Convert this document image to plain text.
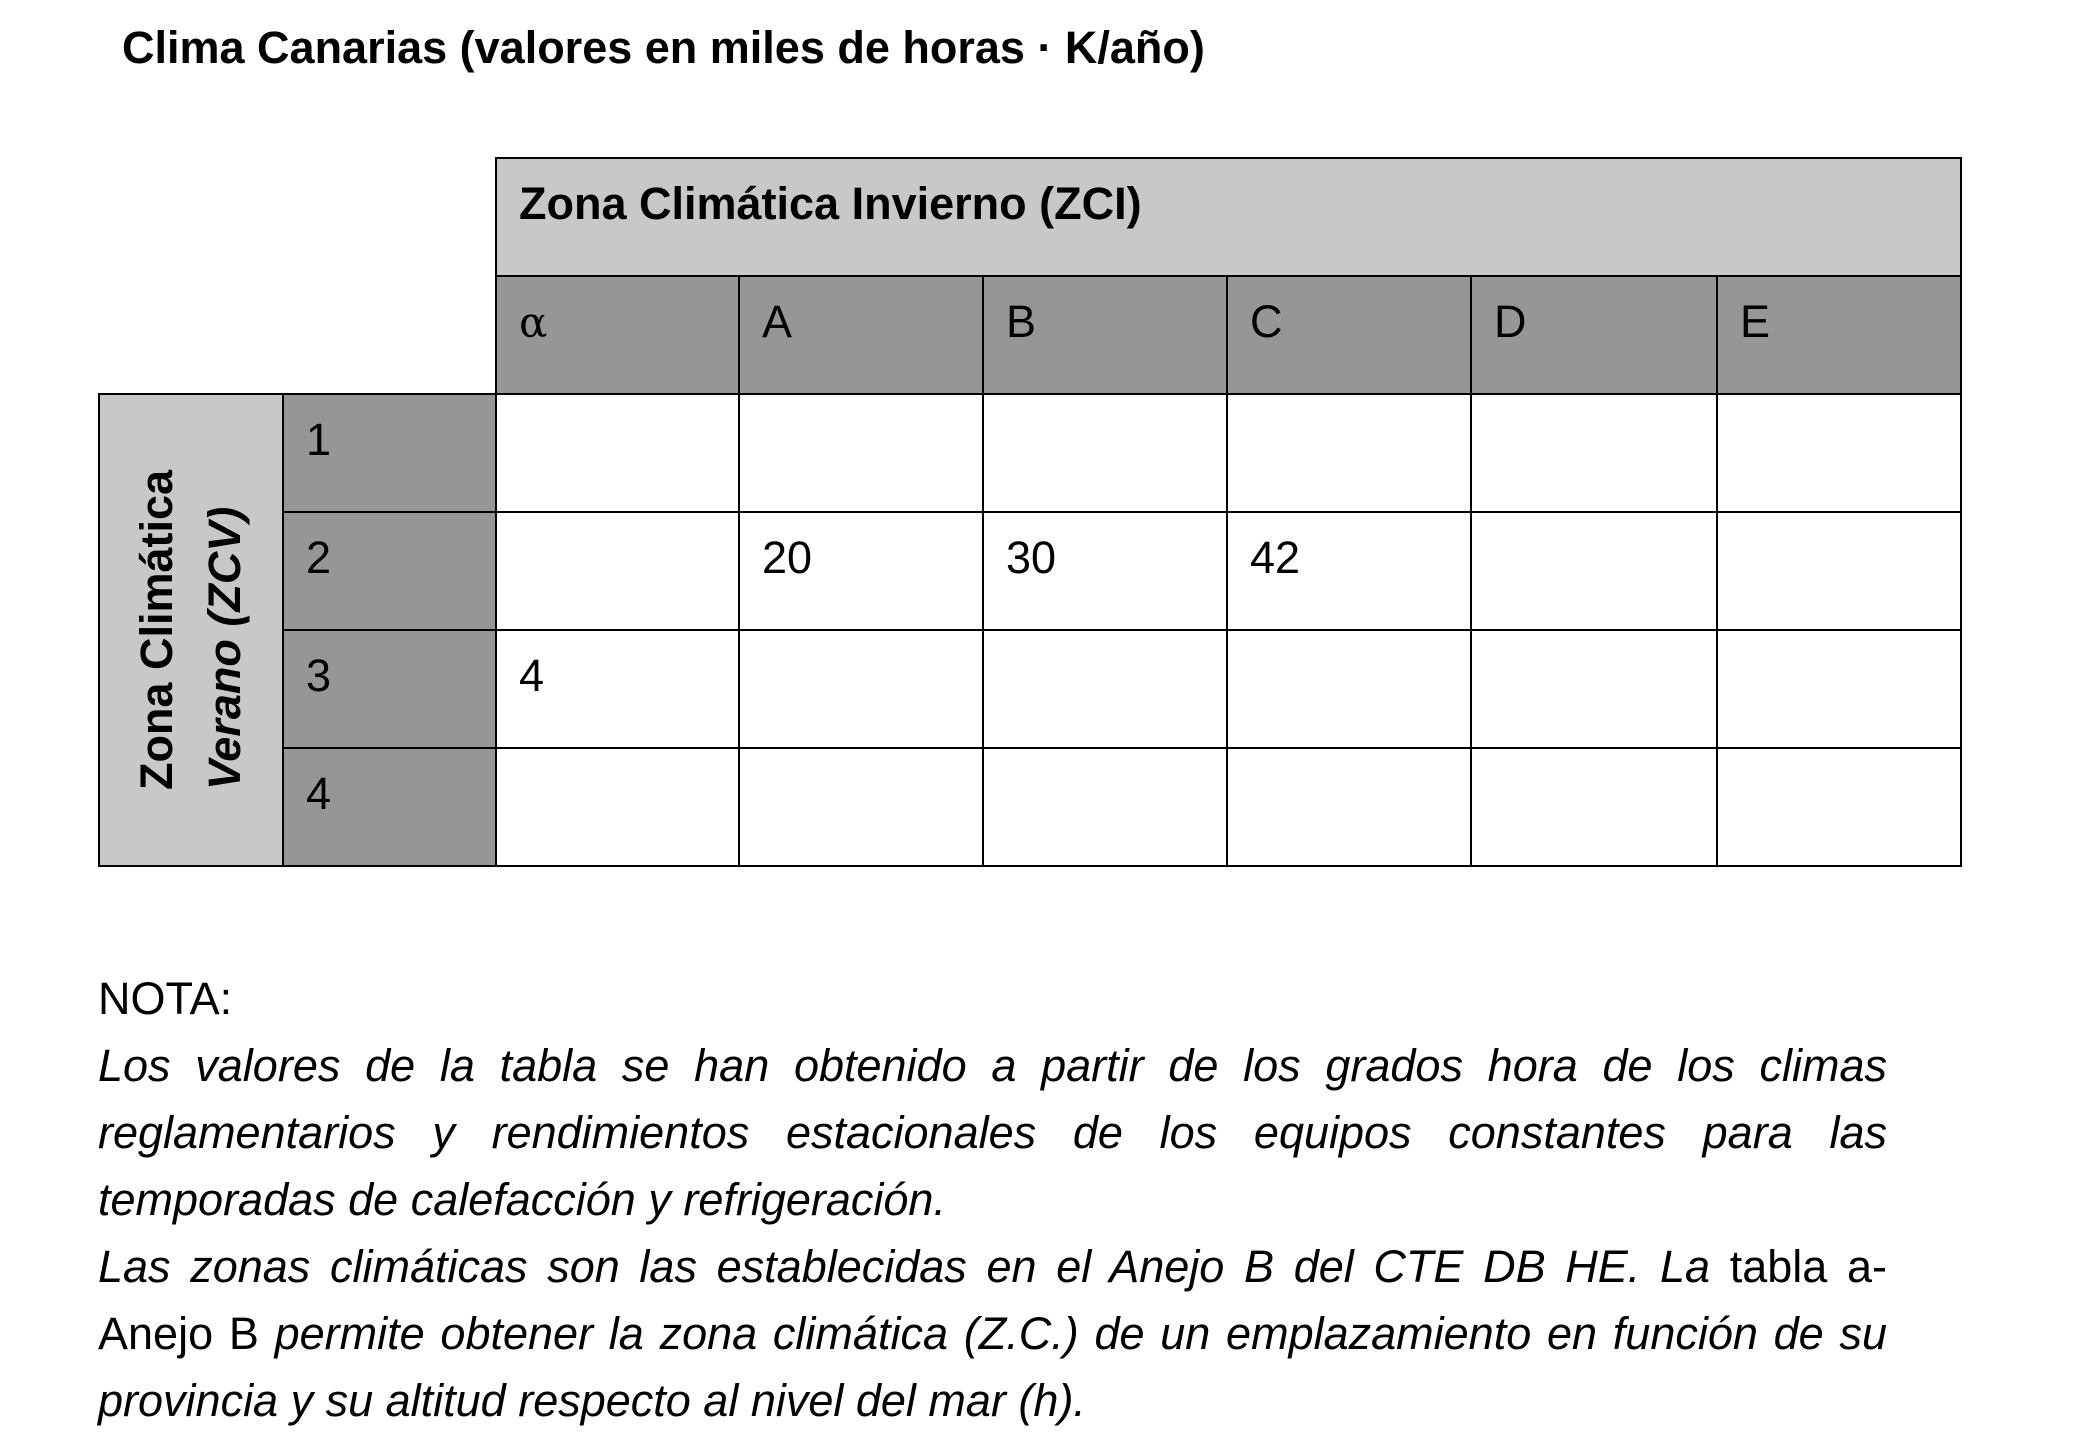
Clima Canarias (valores en miles de horas · K/año)
		Zona Climática Invierno (ZCI)					
		α	A	B	C	D	E

Zona Climática Verano (ZCV)	1						
	2		20	30	42		
	3	4					
	4						

NOTA:

Los valores de la tabla se han obtenido a partir de los grados hora de los climas reglamentarios y rendimientos estacionales de los equipos constantes para las temporadas de calefacción y refrigeración.

Las zonas climáticas son las establecidas en el Anejo B del CTE DB HE. La tabla a-Anejo B permite obtener la zona climática (Z.C.) de un emplazamiento en función de su provincia y su altitud respecto al nivel del mar (h).
